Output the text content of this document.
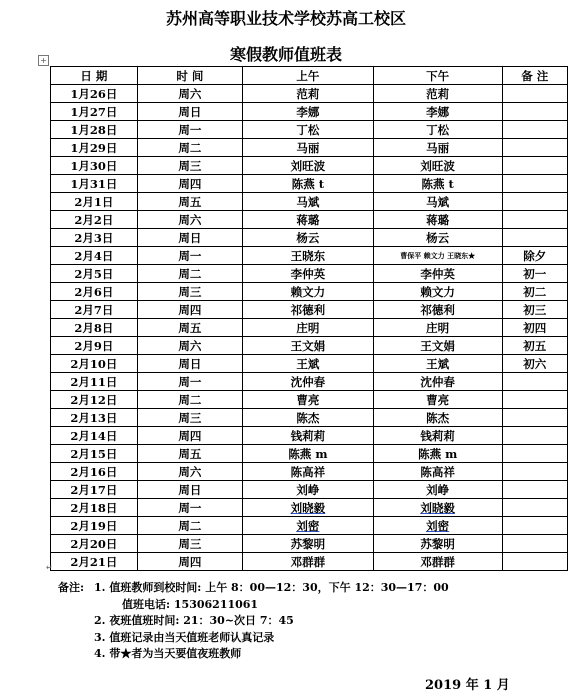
苏州高等职业技术学校苏高工校区
+	寒假教师值班表
日 期	时 间	上午	下午	备 注
1月26日	周六	范莉	范莉	
1月27日	周日	李娜	李娜	
1月28日	周一	丁松	丁松	
1月29日	周二	马丽	马丽	
1月30日	周三	刘旺波	刘旺波	
1月31日	周四	陈燕 t	陈燕 t	
2月1日	周五	马斌	马斌	
2月2日	周六	蒋璐	蒋璐	
2月3日	周日	杨云	杨云	
2月4日	周一	王晓东	曹保平 赖文力 王晓东★	除夕
2月5日	周二	李仲英	李仲英	初一
2月6日	周三	赖文力	赖文力	初二
2月7日	周四	祁德利	祁德利	初三
2月8日	周五	庄明	庄明	初四
2月9日	周六	王文娟	王文娟	初五
2月10日	周日	王斌	王斌	初六
2月11日	周一	沈仲春	沈仲春	
2月12日	周二	曹亮	曹亮	
2月13日	周三	陈杰	陈杰	
2月14日	周四	钱莉莉	钱莉莉	
2月15日	周五	陈燕 m	陈燕 m	
2月16日	周六	陈高祥	陈高祥	
2月17日	周日	刘峥	刘峥	
2月18日	周一	刘晓毅	刘晓毅	
2月19日	周二	刘密	刘密	
2月20日	周三	苏黎明	苏黎明	
2月21日	周四	邓群群	邓群群	
↵
备注: 1. 值班教师到校时间: 上午 8：00—12：30，下午 12：30—17：00
值班电话: 15306211061
2. 夜班值班时间: 21：30~次日 7：45
3. 值班记录由当天值班老师认真记录
4. 带★者为当天要值夜班教师
2019 年 1 月
